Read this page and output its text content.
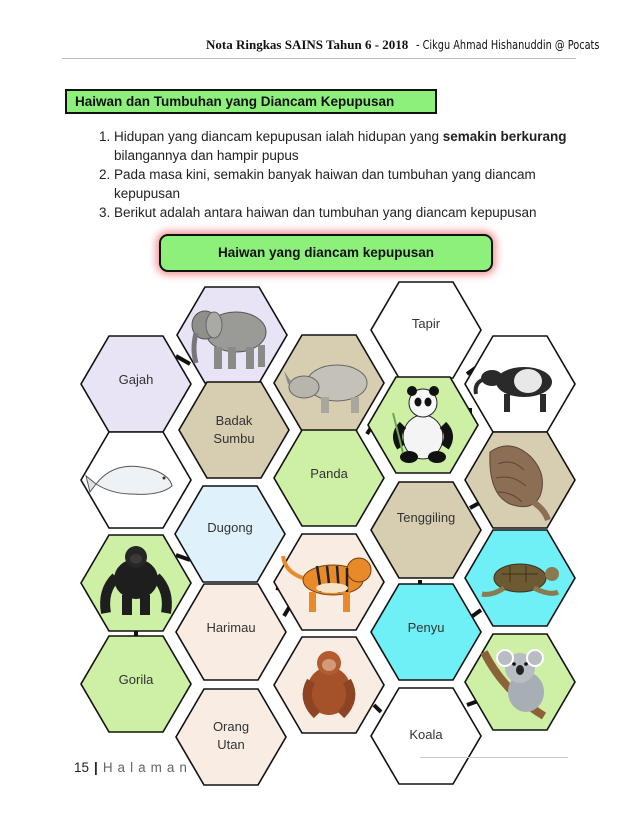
Nota Ringkas SAINS Tahun 6 - 2018 - Cikgu Ahmad Hishanuddin @ Pocats
Haiwan dan Tumbuhan yang Diancam Kepupusan
1. Hidupan yang diancam kepupusan ialah hidupan yang semakin berkurang bilangannya dan hampir pupus
2. Pada masa kini, semakin banyak haiwan dan tumbuhan yang diancam kepupusan
3. Berikut adalah antara haiwan dan tumbuhan yang diancam kepupusan
Haiwan yang diancam kepupusan
Gajah
Badak
Sumbu
Tapir
Panda
Dugong
Tenggiling
Harimau	Penyu
Gorila
Orang
Utan
Koala
15 | Halaman
